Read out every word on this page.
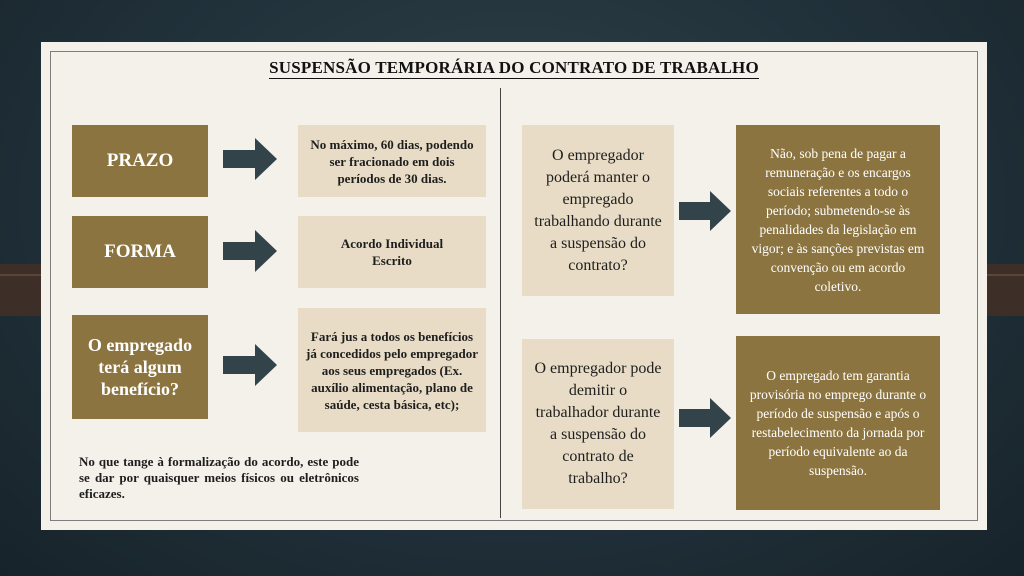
SUSPENSÃO TEMPORÁRIA DO CONTRATO DE TRABALHO
PRAZO
No máximo, 60 dias, podendo ser fracionado em dois períodos de 30 dias.
FORMA	Acordo Individual Escrito
O empregado terá algum benefício?
Fará jus a todos os benefícios já concedidos pelo empregador aos seus empregados (Ex. auxílio alimentação, plano de saúde, cesta básica, etc);
No que tange à formalização do acordo, este pode se dar por quaisquer meios físicos ou eletrônicos eficazes.
O empregador poderá manter o empregado trabalhando durante a suspensão do contrato?
Não, sob pena de pagar a remuneração e os encargos sociais referentes a todo o período; submetendo-se às penalidades da legislação em vigor; e às sanções previstas em convenção ou em acordo coletivo.
O empregador pode demitir o trabalhador durante a suspensão do contrato de trabalho?
O empregado tem garantia provisória no emprego durante o período de suspensão e após o restabelecimento da jornada por período equivalente ao da suspensão.
